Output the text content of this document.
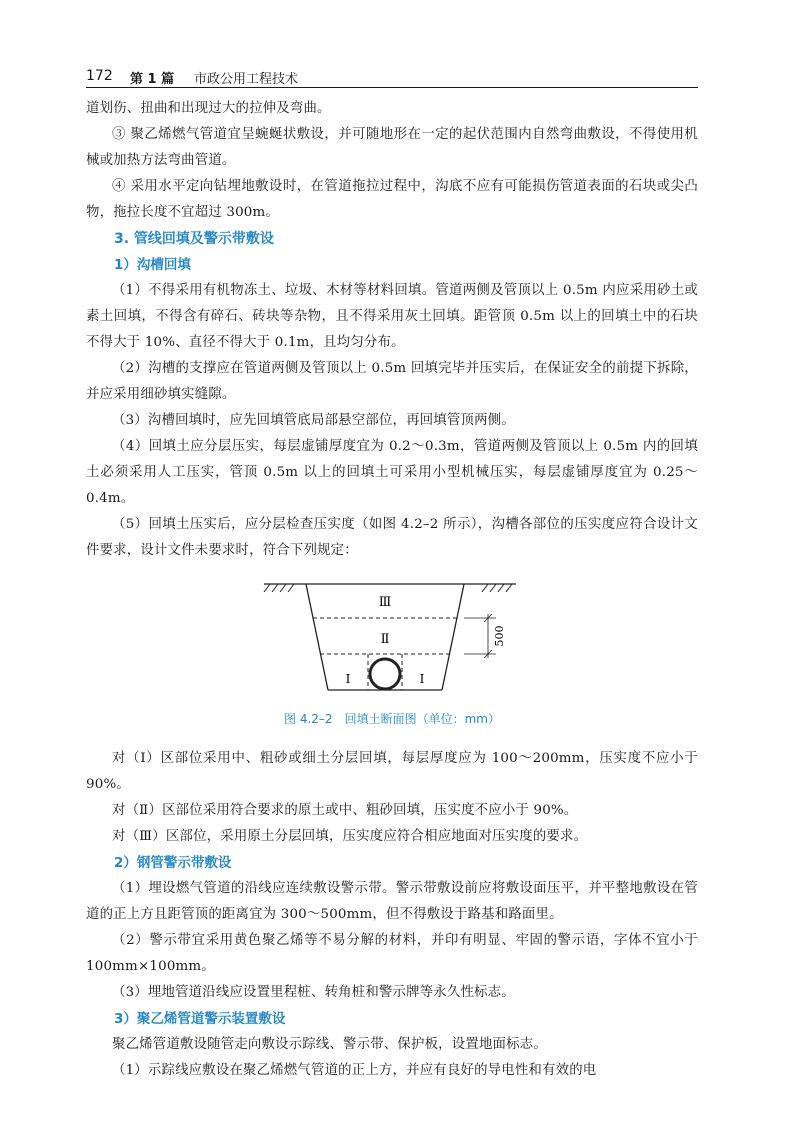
172 第 1 篇 市政公用工程技术

道划伤、扭曲和出现过大的拉伸及弯曲。

③ 聚乙烯燃气管道宜呈蜿蜒状敷设，并可随地形在一定的起伏范围内自然弯曲敷设，不得使用机械或加热方法弯曲管道。

④ 采用水平定向钻埋地敷设时，在管道拖拉过程中，沟底不应有可能损伤管道表面的石块或尖凸物，拖拉长度不宜超过 300m。

3. 管线回填及警示带敷设

1）沟槽回填

（1）不得采用有机物冻土、垃圾、木材等材料回填。管道两侧及管顶以上 0.5m 内应采用砂土或素土回填，不得含有碎石、砖块等杂物，且不得采用灰土回填。距管顶 0.5m 以上的回填土中的石块不得大于 10%、直径不得大于 0.1m，且均匀分布。

（2）沟槽的支撑应在管道两侧及管顶以上 0.5m 回填完毕并压实后，在保证安全的前提下拆除，并应采用细砂填实缝隙。

（3）沟槽回填时，应先回填管底局部悬空部位，再回填管顶两侧。

（4）回填土应分层压实，每层虚铺厚度宜为 0.2～0.3m，管道两侧及管顶以上 0.5m 内的回填土必须采用人工压实，管顶 0.5m 以上的回填土可采用小型机械压实，每层虚铺厚度宜为 0.25～0.4m。

（5）回填土压实后，应分层检查压实度（如图 4.2–2 所示），沟槽各部位的压实度应符合设计文件要求，设计文件未要求时，符合下列规定：

Ⅲ
Ⅱ
Ⅰ	Ⅰ
500
图 4.2–2　回填土断面图（单位：mm）

对（Ⅰ）区部位采用中、粗砂或细土分层回填，每层厚度应为 100～200mm，压实度不应小于 90%。

对（Ⅱ）区部位采用符合要求的原土或中、粗砂回填，压实度不应小于 90%。

对（Ⅲ）区部位，采用原土分层回填，压实度应符合相应地面对压实度的要求。

2）钢管警示带敷设

（1）埋设燃气管道的沿线应连续敷设警示带。警示带敷设前应将敷设面压平，并平整地敷设在管道的正上方且距管顶的距离宜为 300～500mm，但不得敷设于路基和路面里。

（2）警示带宜采用黄色聚乙烯等不易分解的材料，并印有明显、牢固的警示语，字体不宜小于 100mm×100mm。

（3）埋地管道沿线应设置里程桩、转角桩和警示牌等永久性标志。

3）聚乙烯管道警示装置敷设

聚乙烯管道敷设随管走向敷设示踪线、警示带、保护板，设置地面标志。

（1）示踪线应敷设在聚乙烯燃气管道的正上方，并应有良好的导电性和有效的电
